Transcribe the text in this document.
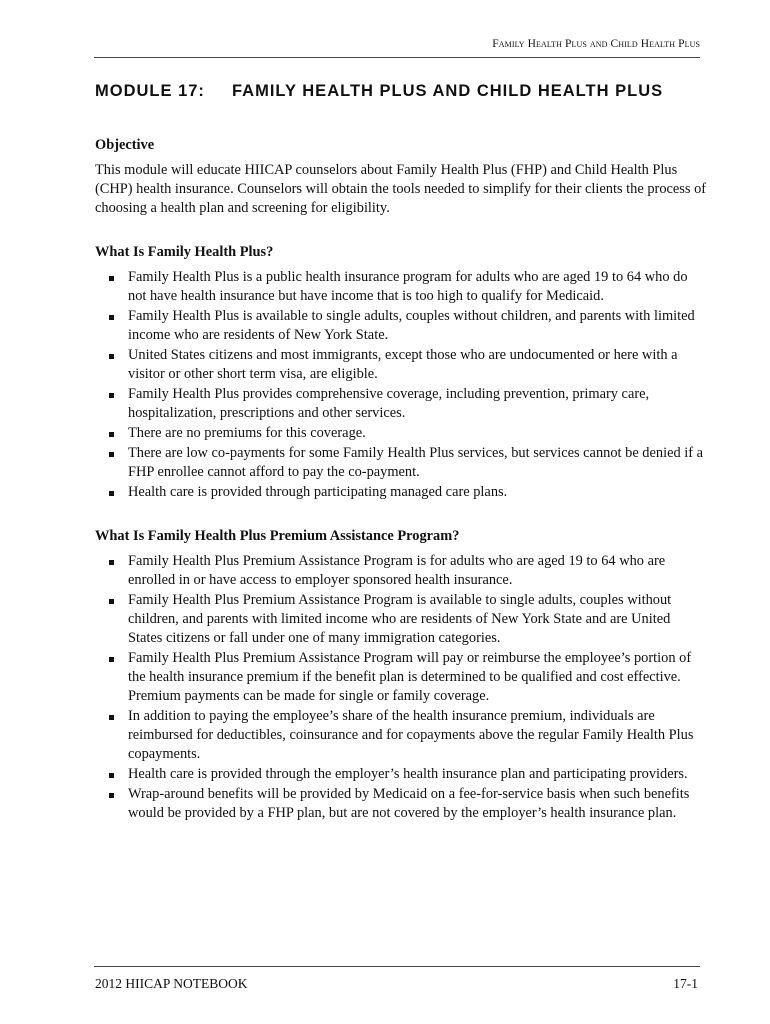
Family Health Plus and Child Health Plus
MODULE 17: FAMILY HEALTH PLUS AND CHILD HEALTH PLUS
Objective

This module will educate HIICAP counselors about Family Health Plus (FHP) and Child Health Plus (CHP) health insurance. Counselors will obtain the tools needed to simplify for their clients the process of choosing a health plan and screening for eligibility.

What Is Family Health Plus?
Family Health Plus is a public health insurance program for adults who are aged 19 to 64 who do not have health insurance but have income that is too high to qualify for Medicaid.
Family Health Plus is available to single adults, couples without children, and parents with limited income who are residents of New York State.
United States citizens and most immigrants, except those who are undocumented or here with a visitor or other short term visa, are eligible.
Family Health Plus provides comprehensive coverage, including prevention, primary care, hospitalization, prescriptions and other services.
There are no premiums for this coverage.
There are low co-payments for some Family Health Plus services, but services cannot be denied if a FHP enrollee cannot afford to pay the co-payment.
Health care is provided through participating managed care plans.
What Is Family Health Plus Premium Assistance Program?
Family Health Plus Premium Assistance Program is for adults who are aged 19 to 64 who are enrolled in or have access to employer sponsored health insurance.
Family Health Plus Premium Assistance Program is available to single adults, couples without children, and parents with limited income who are residents of New York State and are United States citizens or fall under one of many immigration categories.
Family Health Plus Premium Assistance Program will pay or reimburse the employee’s portion of the health insurance premium if the benefit plan is determined to be qualified and cost effective. Premium payments can be made for single or family coverage.
In addition to paying the employee’s share of the health insurance premium, individuals are reimbursed for deductibles, coinsurance and for copayments above the regular Family Health Plus copayments.
Health care is provided through the employer’s health insurance plan and participating providers.
Wrap-around benefits will be provided by Medicaid on a fee-for-service basis when such benefits would be provided by a FHP plan, but are not covered by the employer’s health insurance plan.
2012 HIICAP NOTEBOOK	17-1
